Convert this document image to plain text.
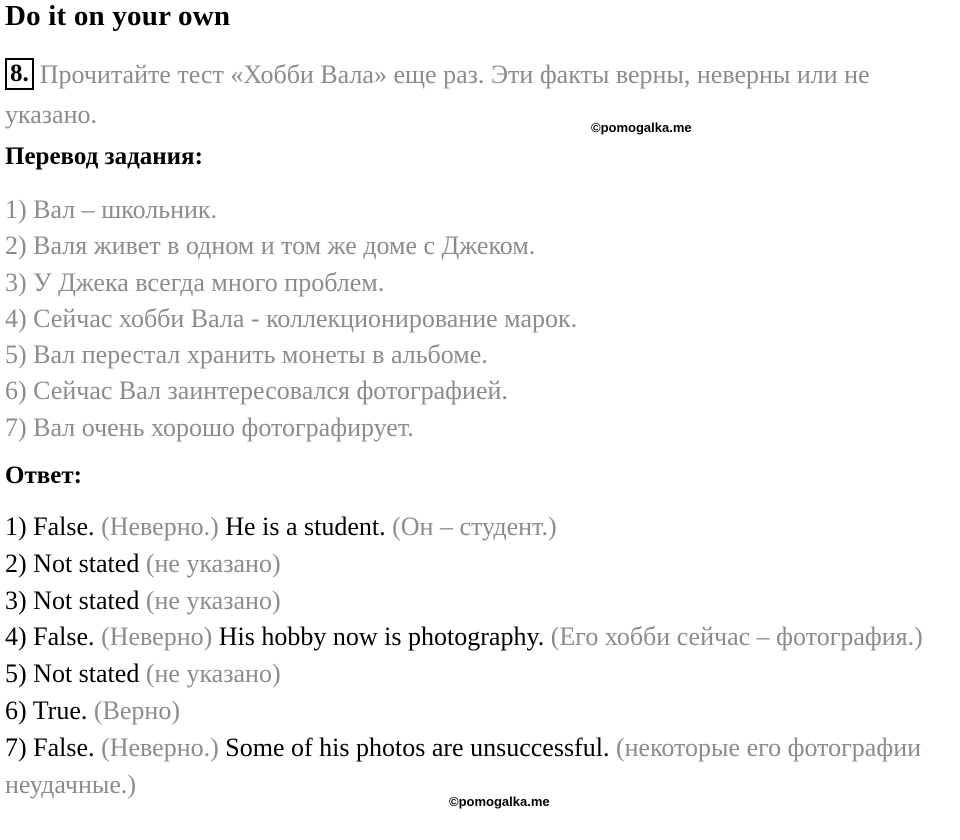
Do it on your own
8. Прочитайте тест «Хобби Вала» еще раз. Эти факты верны, неверны или не указано.	©pomogalka.me
Перевод задания:
1) Вал – школьник.
2) Валя живет в одном и том же доме с Джеком.
3) У Джека всегда много проблем.
4) Сейчас хобби Вала - коллекционирование марок.
5) Вал перестал хранить монеты в альбоме.
6) Сейчас Вал заинтересовался фотографией.
7) Вал очень хорошо фотографирует.
Ответ:
1) False. (Неверно.) He is a student. (Он – студент.)
2) Not stated (не указано)
3) Not stated (не указано)
4) False. (Неверно) His hobby now is photography. (Его хобби сейчас – фотография.)
5) Not stated (не указано)
6) True. (Верно)
7) False. (Неверно.) Some of his photos are unsuccessful. (некоторые его фотографии неудачные.)
©pomogalka.me
